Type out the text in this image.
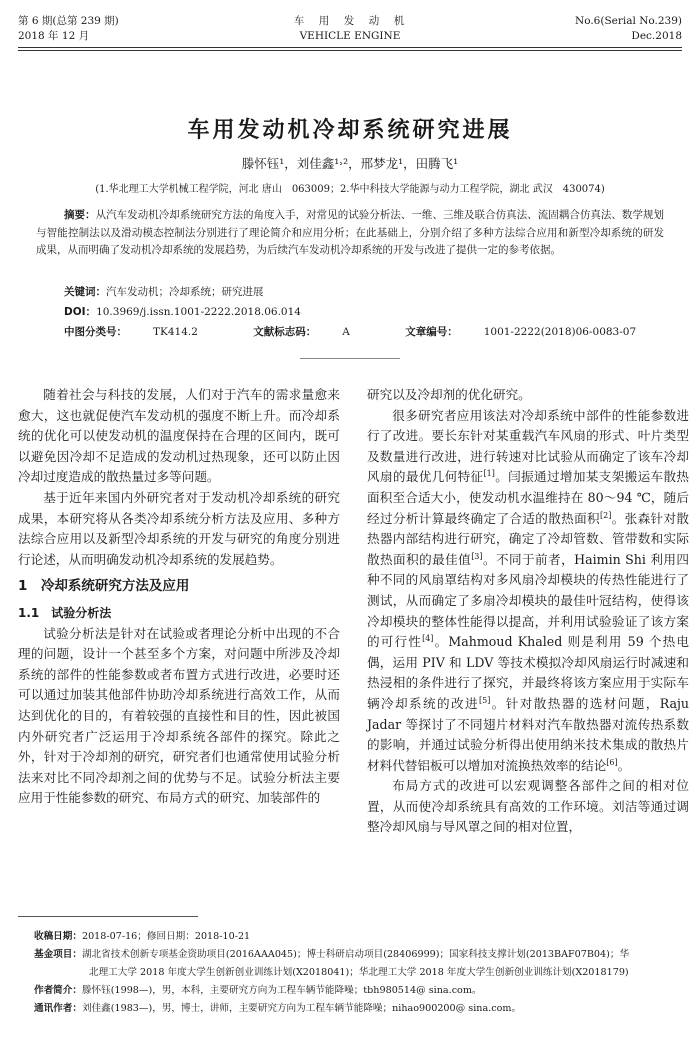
第 6 期(总第 239 期)
2018 年 12 月
车　用　发　动　机
VEHICLE ENGINE
No.6(Serial No.239)
Dec.2018
车用发动机冷却系统研究进展
滕怀钰¹，刘佳鑫¹˒²，邢梦龙¹，田腾飞¹
(1.华北理工大学机械工程学院，河北 唐山　063009；2.华中科技大学能源与动力工程学院，湖北 武汉　430074)
摘要：从汽车发动机冷却系统研究方法的角度入手，对常见的试验分析法、一维、三维及联合仿真法、流固耦合仿真法、数学规划与智能控制法以及滑动模态控制法分别进行了理论简介和应用分析；在此基础上，分别介绍了多种方法综合应用和新型冷却系统的研发成果，从而明确了发动机冷却系统的发展趋势，为后续汽车发动机冷却系统的开发与改进了提供一定的参考依据。
关键词：汽车发动机；冷却系统；研究进展
DOI：10.3969/j.issn.1001-2222.2018.06.014
中图分类号： TK414.2	文献标志码： A	文章编号： 1001-2222(2018)06-0083-07

随着社会与科技的发展，人们对于汽车的需求量愈来愈大，这也就促使汽车发动机的强度不断上升。而冷却系统的优化可以使发动机的温度保持在合理的区间内，既可以避免因冷却不足造成的发动机过热现象，还可以防止因冷却过度造成的散热量过多等问题。

基于近年来国内外研究者对于发动机冷却系统的研究成果，本研究将从各类冷却系统分析方法及应用、多种方法综合应用以及新型冷却系统的开发与研究的角度分别进行论述，从而明确发动机冷却系统的发展趋势。

1　冷却系统研究方法及应用
1.1　试验分析法

试验分析法是针对在试验或者理论分析中出现的不合理的问题，设计一个甚至多个方案，对问题中所涉及冷却系统的部件的性能参数或者布置方式进行改进，必要时还可以通过加装其他部件协助冷却系统进行高效工作，从而达到优化的目的，有着较强的直接性和目的性，因此被国内外研究者广泛运用于冷却系统各部件的探究。除此之外，针对于冷却剂的研究，研究者们也通常使用试验分析法来对比不同冷却剂之间的优势与不足。试验分析法主要应用于性能参数的研究、布局方式的研究、加装部件的

研究以及冷却剂的优化研究。

很多研究者应用该法对冷却系统中部件的性能参数进行了改进。要长东针对某重载汽车风扇的形式、叶片类型及数量进行改进，进行转速对比试验从而确定了该车冷却风扇的最优几何特征[1]。闫振通过增加某支架搬运车散热面积至合适大小，使发动机水温维持在 80～94 ℃，随后经过分析计算最终确定了合适的散热面积[2]。张森针对散热器内部结构进行研究，确定了冷却管数、管带数和实际散热面积的最佳值[3]。不同于前者，Haimin Shi 利用四种不同的风扇罩结构对多风扇冷却模块的传热性能进行了测试，从而确定了多扇冷却模块的最佳叶冠结构，使得该冷却模块的整体性能得以提高，并利用试验验证了该方案的可行性[4]。Mahmoud Khaled 则是利用 59 个热电偶，运用 PIV 和 LDV 等技术模拟冷却风扇运行时减速和热浸相的条件进行了探究，并最终将该方案应用于实际车辆冷却系统的改进[5]。针对散热器的选材问题，Raju Jadar 等探讨了不同翅片材料对汽车散热器对流传热系数的影响，并通过试验分析得出使用纳米技术集成的散热片材料代替铝板可以增加对流换热效率的结论[6]。

布局方式的改进可以宏观调整各部件之间的相对位置，从而使冷却系统具有高效的工作环境。刘洁等通过调整冷却风扇与导风罩之间的相对位置，

收稿日期：2018-07-16；修回日期：2018-10-21
基金项目：湖北省技术创新专项基金资助项目(2016AAA045)；博士科研启动项目(28406999)；国家科技支撑计划(2013BAF07B04)；华
北理工大学 2018 年度大学生创新创业训练计划(X2018041)；华北理工大学 2018 年度大学生创新创业训练计划(X2018179)
作者简介：滕怀钰(1998—)，男，本科，主要研究方向为工程车辆节能降噪；tbh980514@ sina.com。
通讯作者：刘佳鑫(1983—)，男，博士，讲师，主要研究方向为工程车辆节能降噪；nihao900200@ sina.com。
